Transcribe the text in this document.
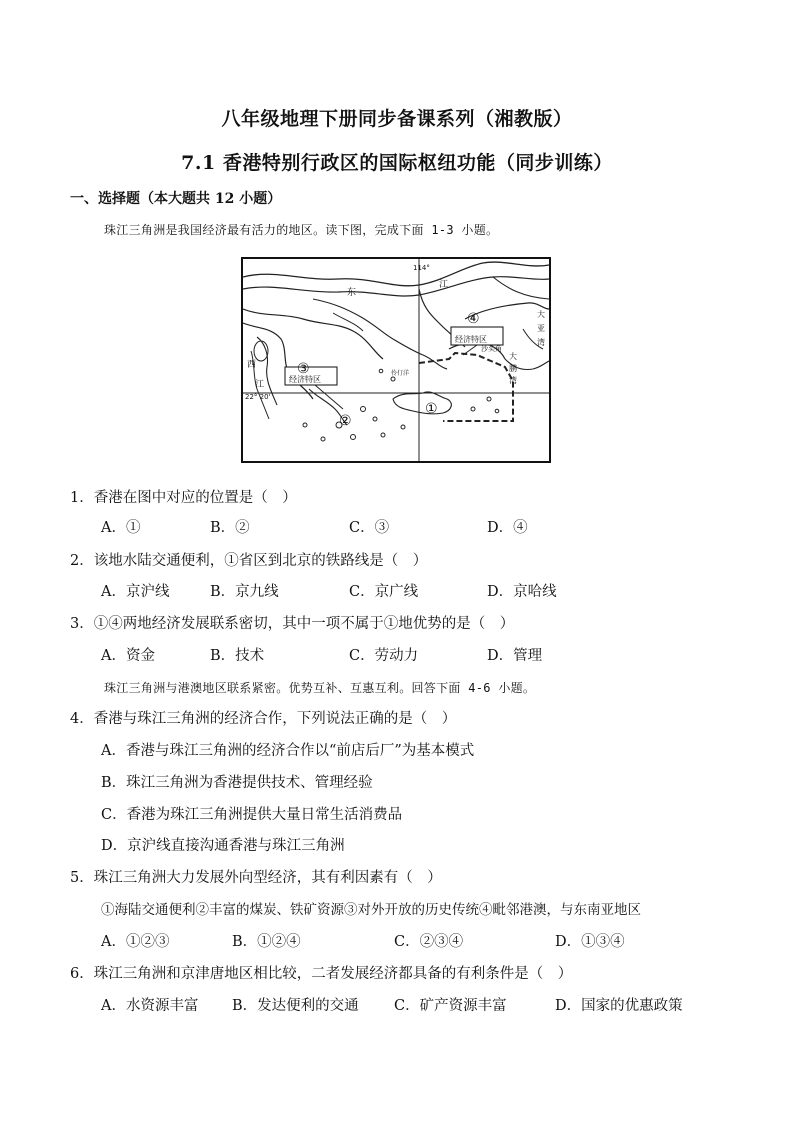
八年级地理下册同步备课系列（湘教版）
7.1 香港特别行政区的国际枢纽功能（同步训练）
一、选择题（本大题共 12 小题）
珠江三角洲是我国经济最有活力的地区。读下图，完成下面 1-3 小题。
114°
22° 20'
东
江
西
江
经济特区
经济特区
③
④
②
①
沙头角
伶仃洋
大
鹏
湾
大
亚
湾
1．香港在图中对应的位置是（　）
A．①	B．②	C．③	D．④
2．该地水陆交通便利，①省区到北京的铁路线是（　）
A．京沪线	B．京九线	C．京广线	D．京哈线
3．①④两地经济发展联系密切，其中一项不属于①地优势的是（　）
A．资金	B．技术	C．劳动力	D．管理
珠江三角洲与港澳地区联系紧密。优势互补、互惠互利。回答下面 4-6 小题。
4．香港与珠江三角洲的经济合作，下列说法正确的是（　）
A．香港与珠江三角洲的经济合作以“前店后厂”为基本模式
B．珠江三角洲为香港提供技术、管理经验
C．香港为珠江三角洲提供大量日常生活消费品
D．京沪线直接沟通香港与珠江三角洲
5．珠江三角洲大力发展外向型经济，其有利因素有（　）
①海陆交通便利②丰富的煤炭、铁矿资源③对外开放的历史传统④毗邻港澳，与东南亚地区
A．①②③	B．①②④	C．②③④	D．①③④
6．珠江三角洲和京津唐地区相比较，二者发展经济都具备的有利条件是（　）
A．水资源丰富 B．发达便利的交通 C．矿产资源丰富	D．国家的优惠政策
